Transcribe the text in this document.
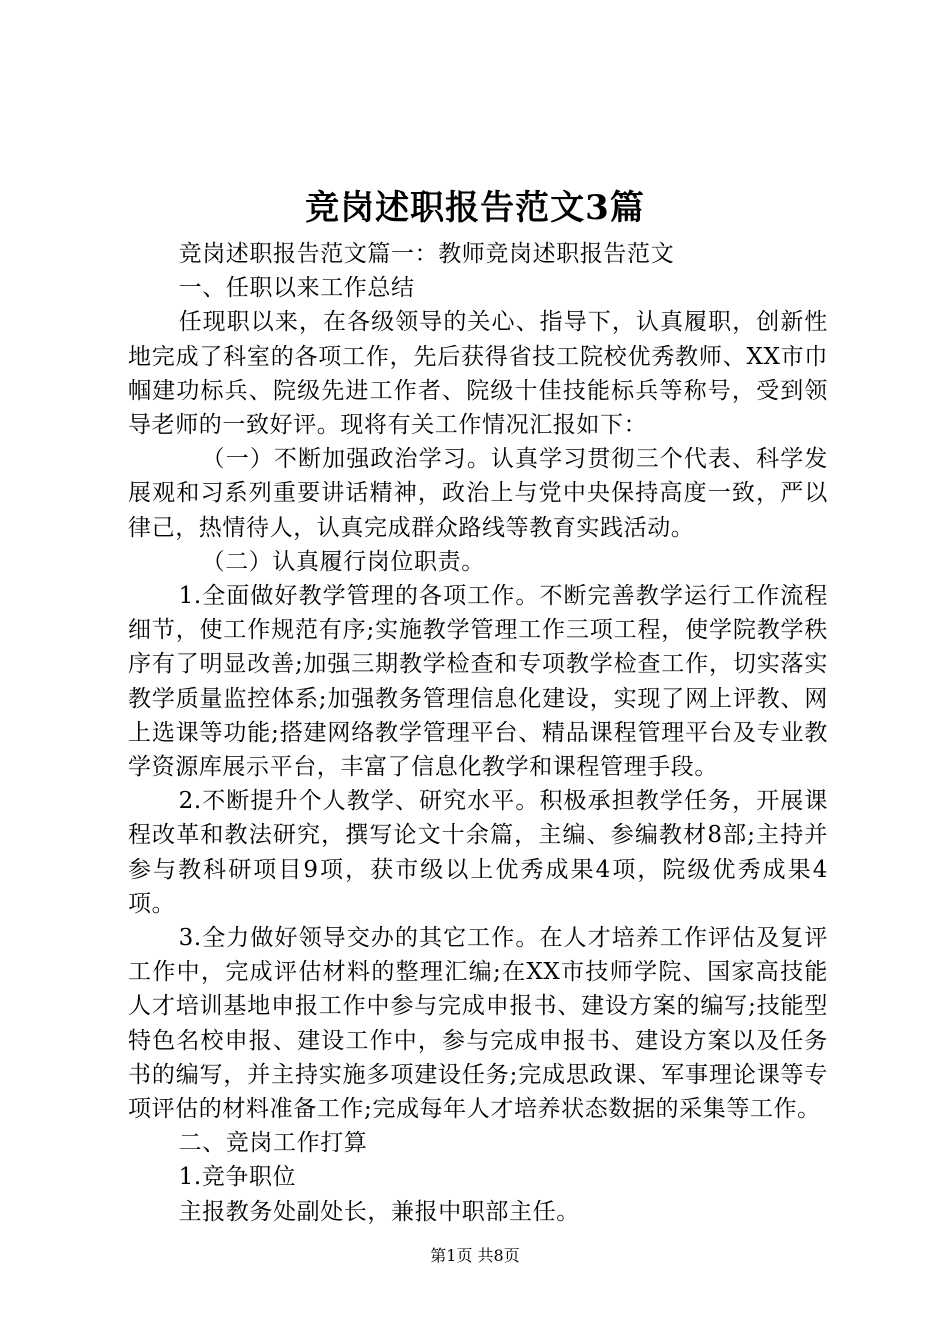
竞岗述职报告范文3篇

竞岗述职报告范文篇一：教师竞岗述职报告范文

一、任职以来工作总结

任现职以来，在各级领导的关心、指导下，认真履职，创新性地完成了科室的各项工作，先后获得省技工院校优秀教师、XX市巾帼建功标兵、院级先进工作者、院级十佳技能标兵等称号，受到领导老师的一致好评。现将有关工作情况汇报如下：

（一）不断加强政治学习。认真学习贯彻三个代表、科学发展观和习系列重要讲话精神，政治上与党中央保持高度一致，严以律己，热情待人，认真完成群众路线等教育实践活动。

（二）认真履行岗位职责。

1.全面做好教学管理的各项工作。不断完善教学运行工作流程细节，使工作规范有序;实施教学管理工作三项工程，使学院教学秩序有了明显改善;加强三期教学检查和专项教学检查工作，切实落实教学质量监控体系;加强教务管理信息化建设，实现了网上评教、网上选课等功能;搭建网络教学管理平台、精品课程管理平台及专业教学资源库展示平台，丰富了信息化教学和课程管理手段。

2.不断提升个人教学、研究水平。积极承担教学任务，开展课程改革和教法研究，撰写论文十余篇，主编、参编教材8部;主持并参与教科研项目9项，获市级以上优秀成果4项，院级优秀成果4项。

3.全力做好领导交办的其它工作。在人才培养工作评估及复评工作中，完成评估材料的整理汇编;在XX市技师学院、国家高技能人才培训基地申报工作中参与完成申报书、建设方案的编写;技能型特色名校申报、建设工作中，参与完成申报书、建设方案以及任务书的编写，并主持实施多项建设任务;完成思政课、军事理论课等专项评估的材料准备工作;完成每年人才培养状态数据的采集等工作。

二、竞岗工作打算

1.竞争职位

主报教务处副处长，兼报中职部主任。

第1页 共8页
